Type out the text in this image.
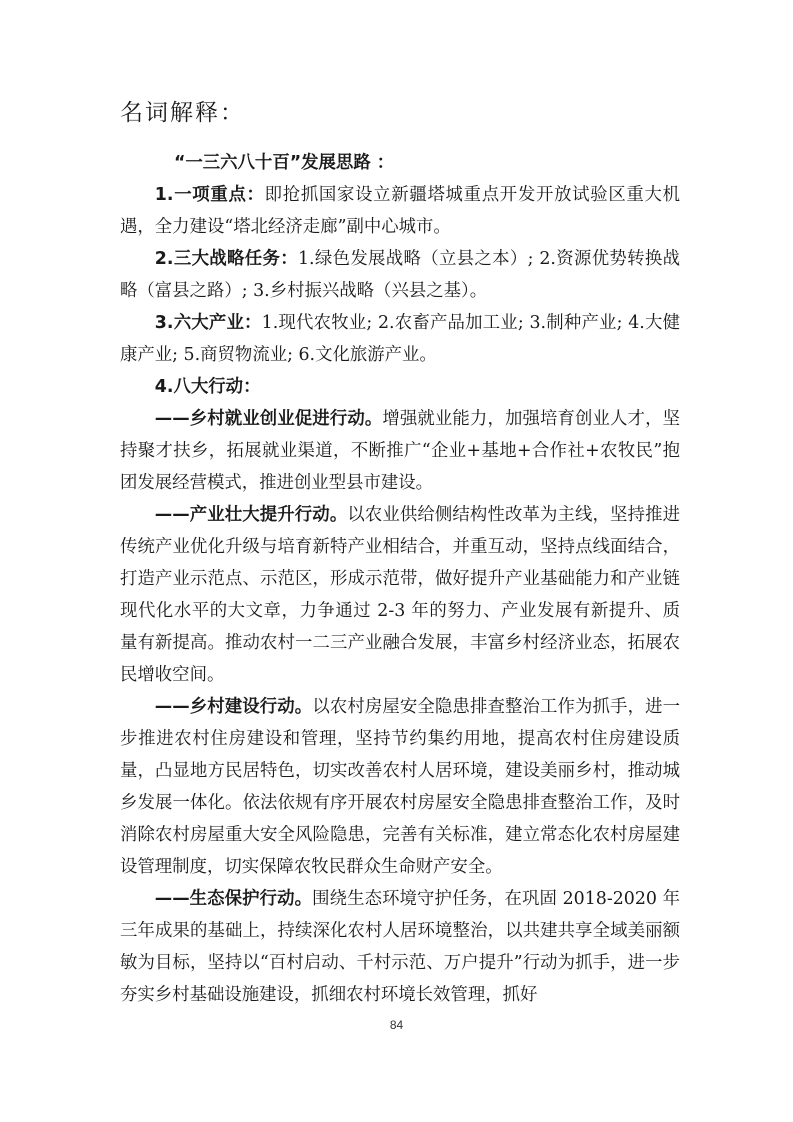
名词解释：

“一三六八十百”发展思路 ：

1.一项重点：即抢抓国家设立新疆塔城重点开发开放试验区重大机遇，全力建设“塔北经济走廊”副中心城市。

2.三大战略任务：1.绿色发展战略（立县之本）; 2.资源优势转换战略（富县之路）; 3.乡村振兴战略（兴县之基）。

3.六大产业：1.现代农牧业; 2.农畜产品加工业; 3.制种产业; 4.大健康产业; 5.商贸物流业; 6.文化旅游产业。

4.八大行动：

——乡村就业创业促进行动。增强就业能力，加强培育创业人才，坚持聚才扶乡，拓展就业渠道，不断推广“企业+基地+合作社+农牧民”抱团发展经营模式，推进创业型县市建设。

——产业壮大提升行动。以农业供给侧结构性改革为主线，坚持推进传统产业优化升级与培育新特产业相结合，并重互动，坚持点线面结合，打造产业示范点、示范区，形成示范带，做好提升产业基础能力和产业链现代化水平的大文章，力争通过 2-3 年的努力、产业发展有新提升、质量有新提高。推动农村一二三产业融合发展，丰富乡村经济业态，拓展农民增收空间。

——乡村建设行动。以农村房屋安全隐患排查整治工作为抓手，进一步推进农村住房建设和管理，坚持节约集约用地，提高农村住房建设质量，凸显地方民居特色，切实改善农村人居环境，建设美丽乡村，推动城乡发展一体化。依法依规有序开展农村房屋安全隐患排查整治工作，及时消除农村房屋重大安全风险隐患，完善有关标准，建立常态化农村房屋建设管理制度，切实保障农牧民群众生命财产安全。

——生态保护行动。围绕生态环境守护任务，在巩固 2018-2020 年三年成果的基础上，持续深化农村人居环境整治，以共建共享全域美丽额敏为目标，坚持以“百村启动、千村示范、万户提升”行动为抓手，进一步夯实乡村基础设施建设，抓细农村环境长效管理，抓好

84
